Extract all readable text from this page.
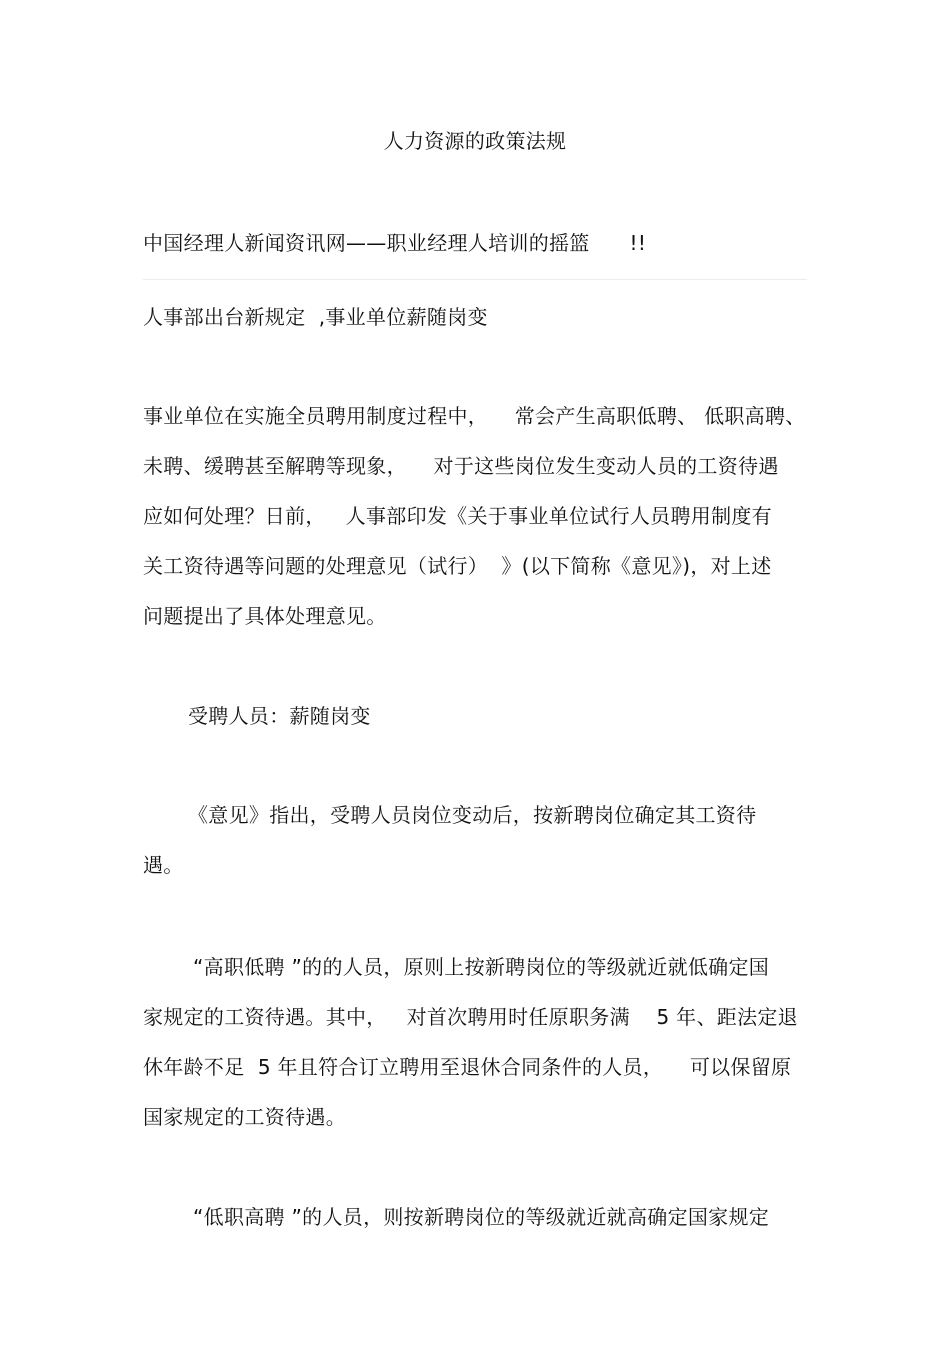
人力资源的政策法规
中国经理人新闻资讯网——职业经理人培训的摇篮      !!
人事部出台新规定  ,事业单位薪随岗变
事业单位在实施全员聘用制度过程中，    常会产生高职低聘、 低职高聘、
未聘、缓聘甚至解聘等现象，    对于这些岗位发生变动人员的工资待遇
应如何处理？日前，   人事部印发《关于事业单位试行人员聘用制度有
关工资待遇等问题的处理意见（试行）  》(以下简称《意见》)，对上述
问题提出了具体处理意见。
受聘人员：薪随岗变
《意见》指出，受聘人员岗位变动后，按新聘岗位确定其工资待
遇。
“高职低聘 ”的的人员，原则上按新聘岗位的等级就近就低确定国
家规定的工资待遇。其中，   对首次聘用时任原职务满    5 年、距法定退
休年龄不足  5 年且符合订立聘用至退休合同条件的人员，    可以保留原
国家规定的工资待遇。
“低职高聘 ”的人员，则按新聘岗位的等级就近就高确定国家规定
